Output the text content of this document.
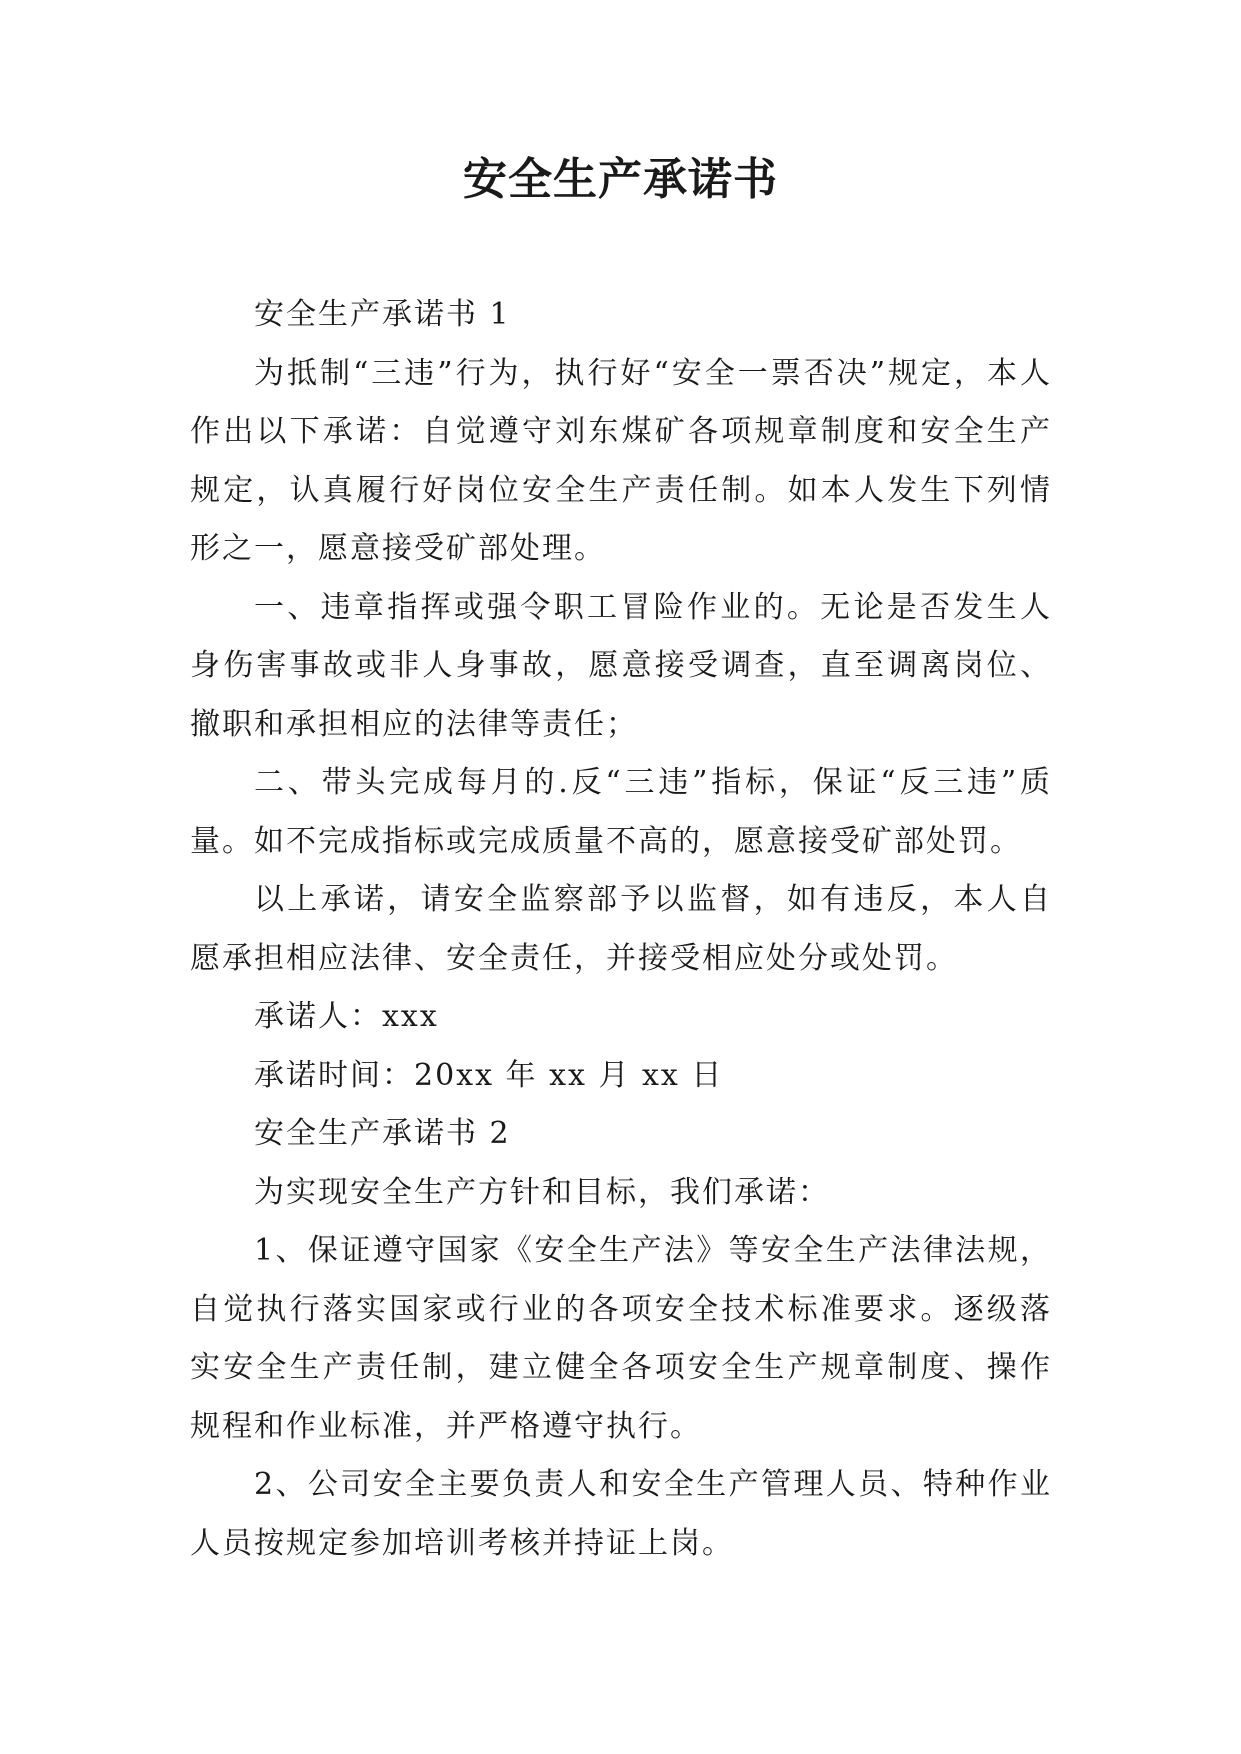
安全生产承诺书

安全生产承诺书 1

为抵制“三违”行为，执行好“安全一票否决”规定，本人作出以下承诺：自觉遵守刘东煤矿各项规章制度和安全生产规定，认真履行好岗位安全生产责任制。如本人发生下列情形之一，愿意接受矿部处理。

一、违章指挥或强令职工冒险作业的。无论是否发生人身伤害事故或非人身事故，愿意接受调查，直至调离岗位、撤职和承担相应的法律等责任；

二、带头完成每月的.反“三违”指标，保证“反三违”质量。如不完成指标或完成质量不高的，愿意接受矿部处罚。

以上承诺，请安全监察部予以监督，如有违反，本人自愿承担相应法律、安全责任，并接受相应处分或处罚。

承诺人：xxx

承诺时间：20xx 年 xx 月 xx 日

安全生产承诺书 2

为实现安全生产方针和目标，我们承诺：

1、保证遵守国家《安全生产法》等安全生产法律法规，自觉执行落实国家或行业的各项安全技术标准要求。逐级落实安全生产责任制，建立健全各项安全生产规章制度、操作规程和作业标准，并严格遵守执行。

2、公司安全主要负责人和安全生产管理人员、特种作业人员按规定参加培训考核并持证上岗。
